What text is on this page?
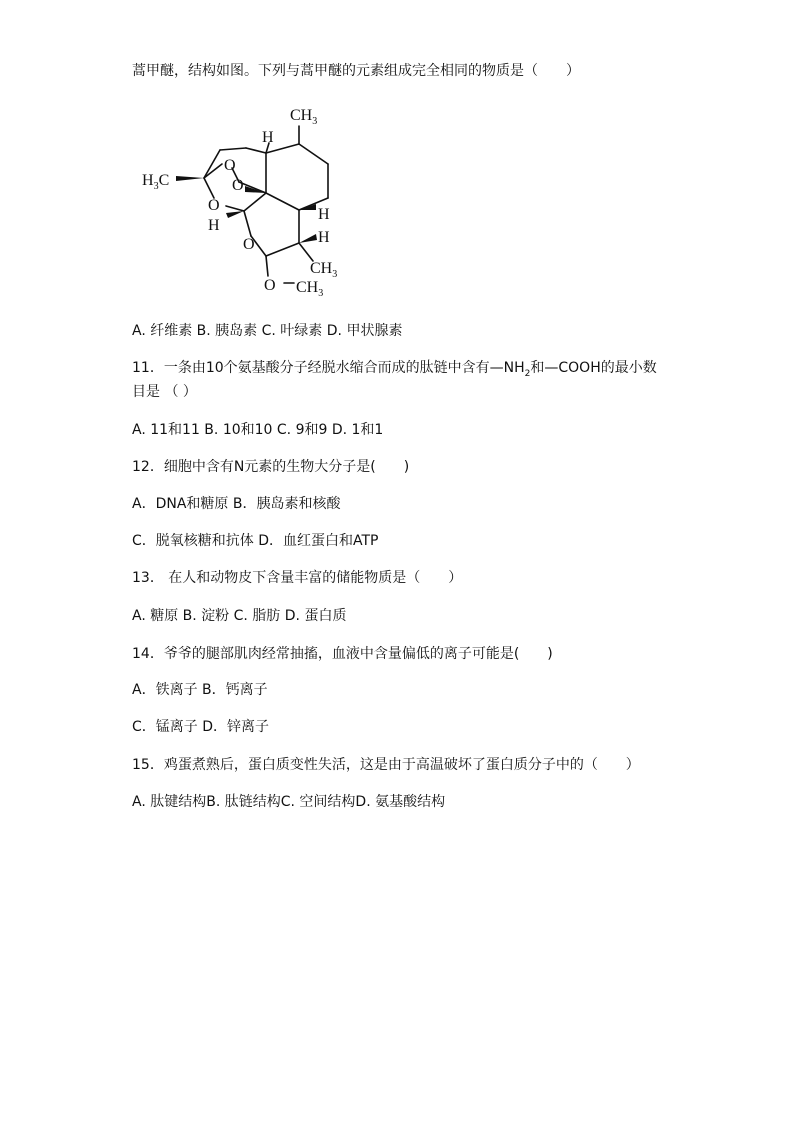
蒿甲醚，结构如图。下列与蒿甲醚的元素组成完全相同的物质是（　　）
$CH_3$
H
$H_3C$
O
O
O
O
O
H
H
H
$CH_3$
$CH_3$
A. 纤维素 B. 胰岛素 C. 叶绿素 D. 甲状腺素
11．一条由10个氨基酸分子经脱水缩合而成的肽链中含有$—NH_2$和—COOH的最小数
目是 （ ）
A. 11和11 B. 10和10 C. 9和9 D. 1和1
12．细胞中含有N元素的生物大分子是(　　)
A．DNA和糖原 B．胰岛素和核酸
C．脱氧核糖和抗体 D．血红蛋白和ATP
13． 在人和动物皮下含量丰富的储能物质是（　　）
A. 糖原 B. 淀粉 C. 脂肪 D. 蛋白质
14．爷爷的腿部肌肉经常抽搐，血液中含量偏低的离子可能是(　　)
A．铁离子 B．钙离子
C．锰离子 D．锌离子
15．鸡蛋煮熟后，蛋白质变性失活，这是由于高温破坏了蛋白质分子中的（　　）
A. 肽键结构B. 肽链结构C. 空间结构D. 氨基酸结构
